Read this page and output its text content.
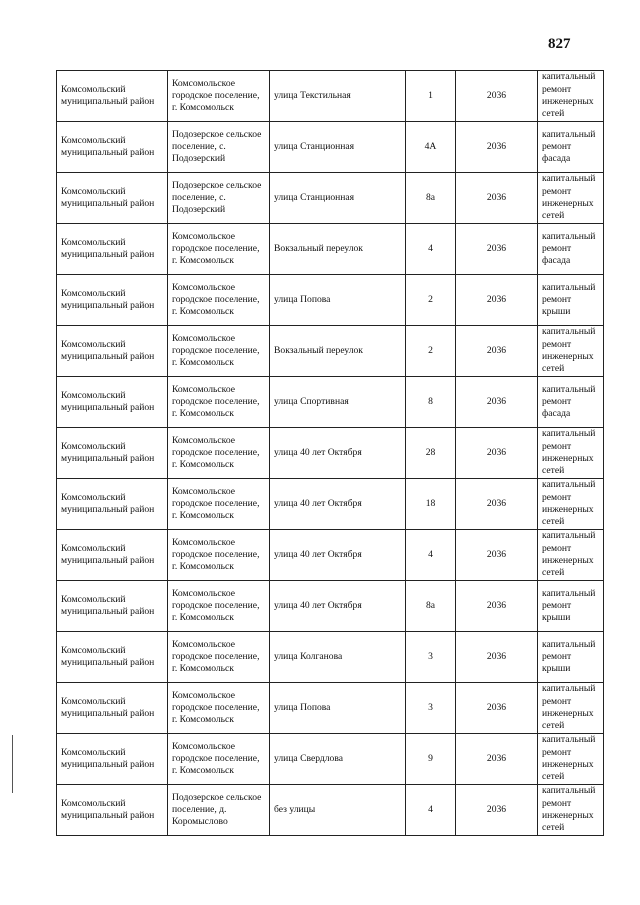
827
Комсомольский муниципальный район	Комсомольское городское поселение, г. Комсомольск	улица Текстильная	1	2036	капитальный ремонт инженерных сетей
Комсомольский муниципальный район	Подозерское сельское поселение, с. Подозерский	улица Станционная	4А	2036	капитальный ремонт фасада
Комсомольский муниципальный район	Подозерское сельское поселение, с. Подозерский	улица Станционная	8а	2036	капитальный ремонт инженерных сетей
Комсомольский муниципальный район	Комсомольское городское поселение, г. Комсомольск	Вокзальный переулок	4	2036	капитальный ремонт фасада
Комсомольский муниципальный район	Комсомольское городское поселение, г. Комсомольск	улица Попова	2	2036	капитальный ремонт крыши
Комсомольский муниципальный район	Комсомольское городское поселение, г. Комсомольск	Вокзальный переулок	2	2036	капитальный ремонт инженерных сетей
Комсомольский муниципальный район	Комсомольское городское поселение, г. Комсомольск	улица Спортивная	8	2036	капитальный ремонт фасада
Комсомольский муниципальный район	Комсомольское городское поселение, г. Комсомольск	улица 40 лет Октября	28	2036	капитальный ремонт инженерных сетей
Комсомольский муниципальный район	Комсомольское городское поселение, г. Комсомольск	улица 40 лет Октября	18	2036	капитальный ремонт инженерных сетей
Комсомольский муниципальный район	Комсомольское городское поселение, г. Комсомольск	улица 40 лет Октября	4	2036	капитальный ремонт инженерных сетей
Комсомольский муниципальный район	Комсомольское городское поселение, г. Комсомольск	улица 40 лет Октября	8а	2036	капитальный ремонт крыши
Комсомольский муниципальный район	Комсомольское городское поселение, г. Комсомольск	улица Колганова	3	2036	капитальный ремонт крыши
Комсомольский муниципальный район	Комсомольское городское поселение, г. Комсомольск	улица Попова	3	2036	капитальный ремонт инженерных сетей
Комсомольский муниципальный район	Комсомольское городское поселение, г. Комсомольск	улица Свердлова	9	2036	капитальный ремонт инженерных сетей
Комсомольский муниципальный район	Подозерское сельское поселение, д. Коромыслово	без улицы	4	2036	капитальный ремонт инженерных сетей
